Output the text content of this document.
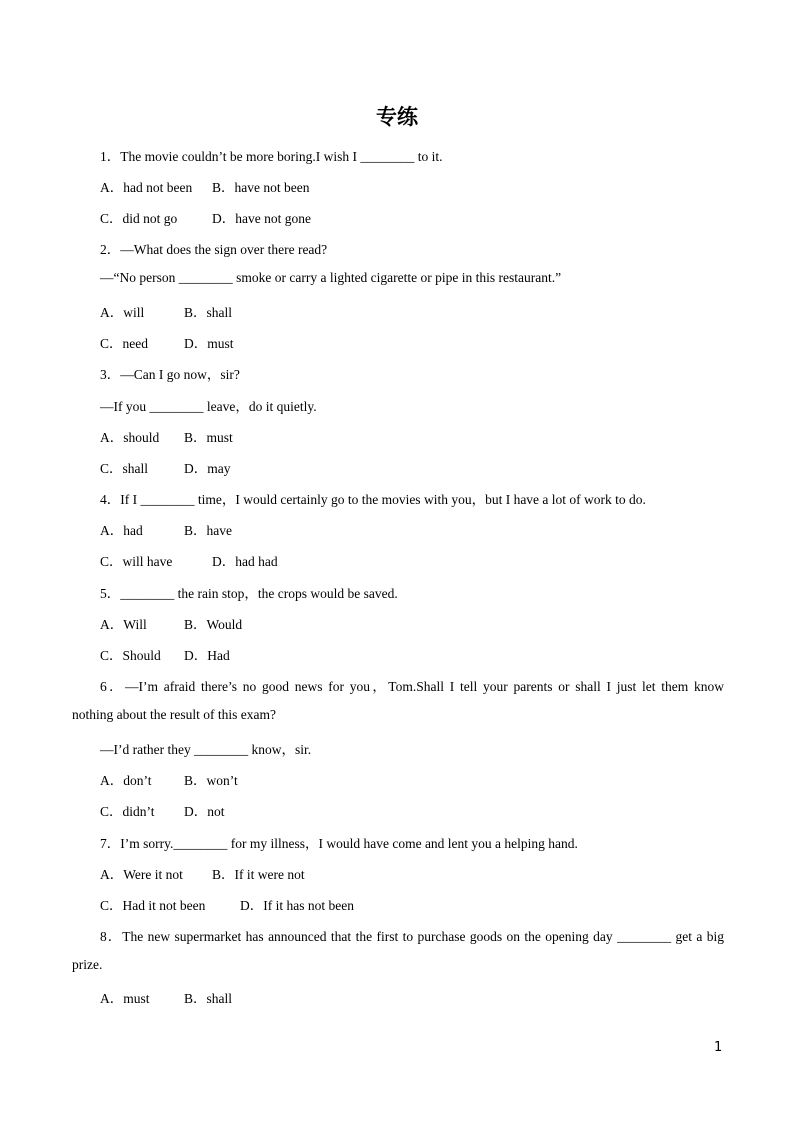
专练
1．The movie couldn’t be more boring.I wish I ________ to it.
A．had not been B．have not been
C．did not go	D．have not gone
2．—What does the sign over there read?
—“No person ________ smoke or carry a lighted cigarette or pipe in this restaurant.”
A．will	B．shall
C．need	D．must
3．—Can I go now，sir?
—If you ________ leave，do it quietly.
A．should B．must
C．shall	D．may
4．If I ________ time，I would certainly go to the movies with you，but I have a lot of work to do.
A．had	B．have
C．will have	D．had had
5．________ the rain stop，the crops would be saved.
A．Will	B．Would
C．Should D．Had
6．—I’m afraid there’s no good news for you，Tom.Shall I tell your parents or shall I just let them know
nothing about the result of this exam?
—I’d rather they ________ know，sir.
A．don’t B．won’t
C．didn’t D．not
7．I’m sorry.________ for my illness，I would have come and lent you a helping hand.
A．Were it not B．If it were not
C．Had it not been	D．If it has not been
8．The new supermarket has announced that the first to purchase goods on the opening day ________ get a big
prize.
A．must	B．shall
1
